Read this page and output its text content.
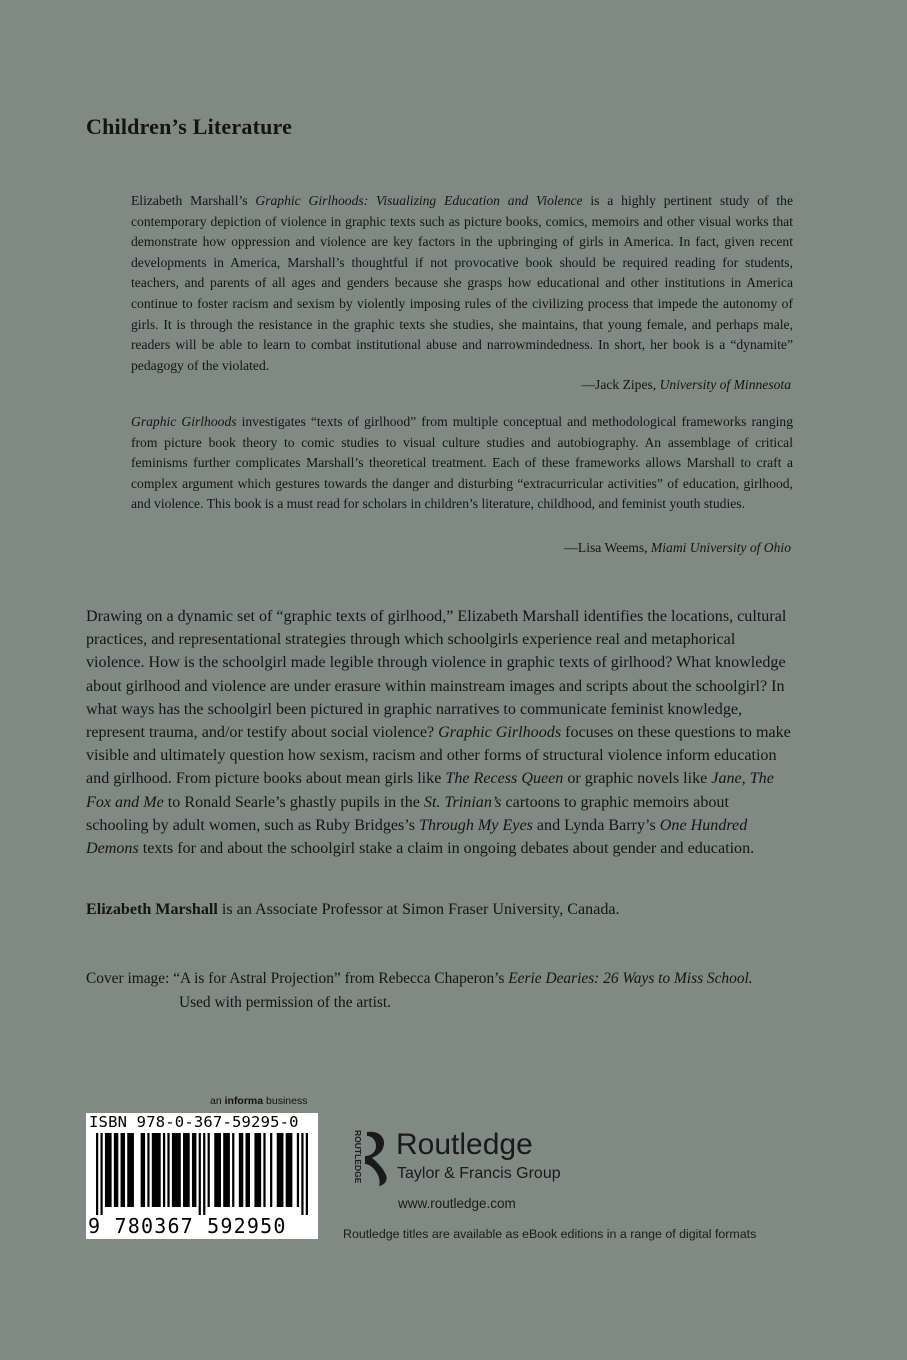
Children’s Literature
Elizabeth Marshall’s Graphic Girlhoods: Visualizing Education and Violence is a highly pertinent study of the contemporary depiction of violence in graphic texts such as picture books, comics, memoirs and other visual works that demonstrate how oppression and violence are key factors in the upbringing of girls in America. In fact, given recent developments in America, Marshall’s thoughtful if not provocative book should be required reading for students, teachers, and parents of all ages and genders because she grasps how educational and other institutions in America continue to foster racism and sexism by violently imposing rules of the civilizing process that impede the autonomy of girls. It is through the resistance in the graphic texts she studies, she maintains, that young female, and perhaps male, readers will be able to learn to combat institutional abuse and narrowmindedness. In short, her book is a “dynamite” pedagogy of the violated.
—Jack Zipes, University of Minnesota
Graphic Girlhoods investigates “texts of girlhood” from multiple conceptual and methodological frameworks ranging from picture book theory to comic studies to visual culture studies and autobiography. An assemblage of critical feminisms further complicates Marshall’s theoretical treatment. Each of these frameworks allows Marshall to craft a complex argument which gestures towards the danger and disturbing “extracurricular activities” of education, girlhood, and violence. This book is a must read for scholars in children’s literature, childhood, and feminist youth studies.
—Lisa Weems, Miami University of Ohio
Drawing on a dynamic set of “graphic texts of girlhood,” Elizabeth Marshall identifies the locations, cultural practices, and representational strategies through which schoolgirls experience real and metaphorical violence. How is the schoolgirl made legible through violence in graphic texts of girlhood? What knowledge about girlhood and violence are under erasure within mainstream images and scripts about the schoolgirl? In what ways has the schoolgirl been pictured in graphic narratives to communicate feminist knowledge, represent trauma, and/or testify about social violence? Graphic Girlhoods focuses on these questions to make visible and ultimately question how sexism, racism and other forms of structural violence inform education and girlhood. From picture books about mean girls like The Recess Queen or graphic novels like Jane, The Fox and Me to Ronald Searle’s ghastly pupils in the St. Trinian’s cartoons to graphic memoirs about schooling by adult women, such as Ruby Bridges’s Through My Eyes and Lynda Barry’s One Hundred Demons texts for and about the schoolgirl stake a claim in ongoing debates about gender and education.
Elizabeth Marshall is an Associate Professor at Simon Fraser University, Canada.
Cover image: “A is for Astral Projection” from Rebecca Chaperon’s Eerie Dearies: 26 Ways to Miss School.
Used with permission of the artist.
an informa business
ISBN 978-0-367-59295-0
9 780367 592950
ROUTLEDGE Routledge
Taylor & Francis Group
www.routledge.com
Routledge titles are available as eBook editions in a range of digital formats
